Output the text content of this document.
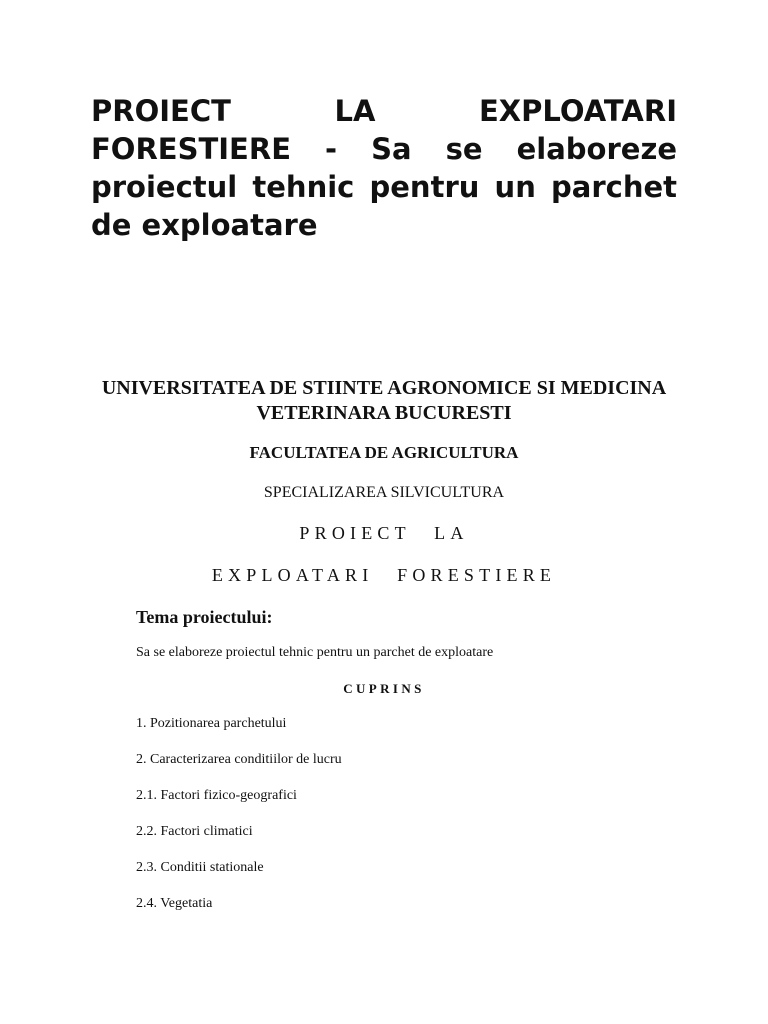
PROIECT LA EXPLOATARI FORESTIERE - Sa se elaboreze proiectul tehnic pentru un parchet de exploatare
UNIVERSITATEA DE STIINTE AGRONOMICE SI MEDICINA VETERINARA BUCURESTI
FACULTATEA DE AGRICULTURA
SPECIALIZAREA SILVICULTURA
PROIECT LA
EXPLOATARI FORESTIERE
Tema proiectului:
Sa se elaboreze proiectul tehnic pentru un parchet de exploatare
CUPRINS
1. Pozitionarea parchetului
2. Caracterizarea conditiilor de lucru
2.1. Factori fizico-geografici
2.2. Factori climatici
2.3. Conditii stationale
2.4. Vegetatia
